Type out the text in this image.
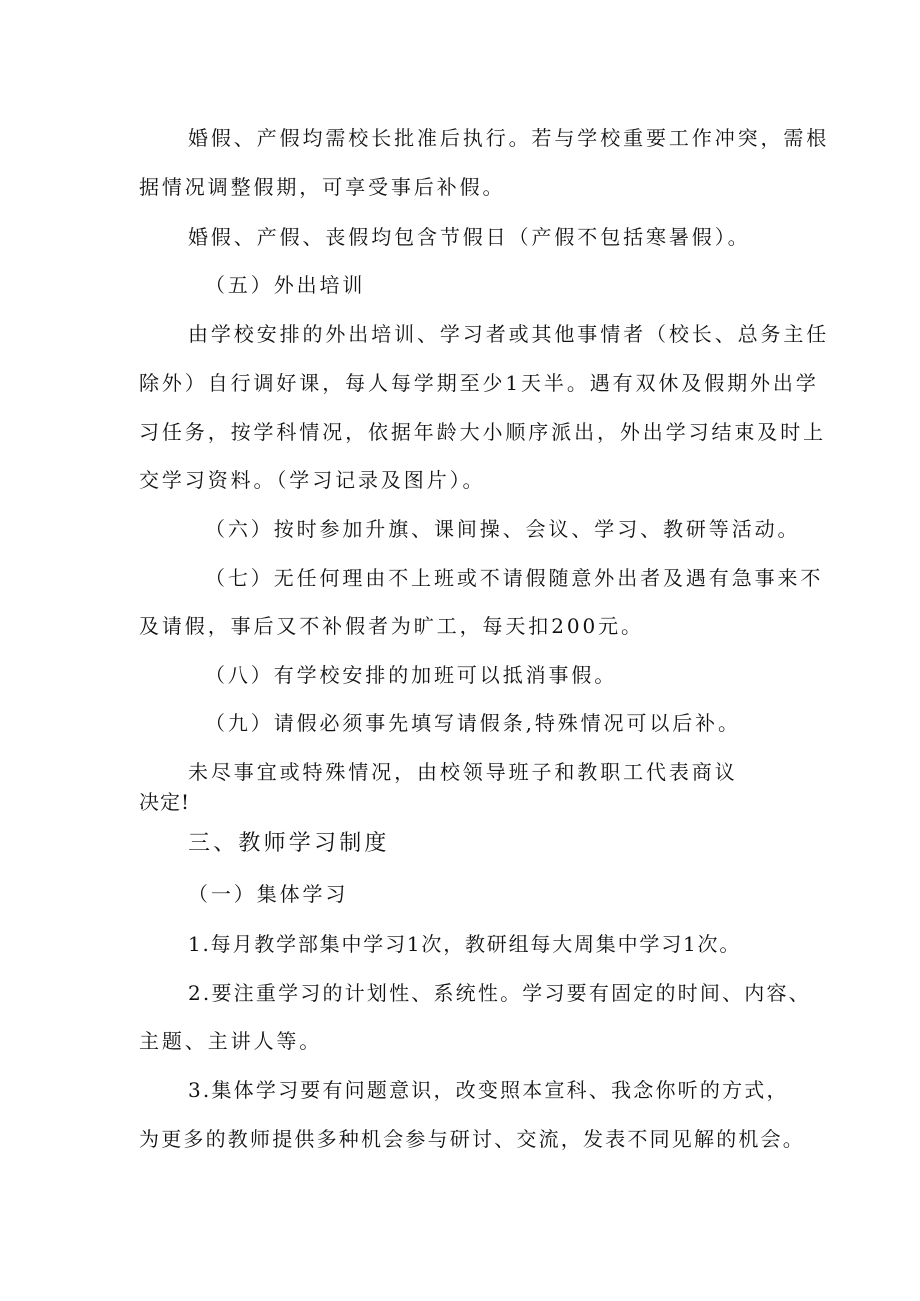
婚假、产假均需校长批准后执行。若与学校重要工作冲突，需根
据情况调整假期，可享受事后补假。
婚假、产假、丧假均包含节假日（产假不包括寒暑假）。
（五）外出培训
由学校安排的外出培训、学习者或其他事情者（校长、总务主任
除外）自行调好课，每人每学期至少1天半。遇有双休及假期外出学
习任务，按学科情况，依据年龄大小顺序派出，外出学习结束及时上
交学习资料。（学习记录及图片）。
（六）按时参加升旗、课间操、会议、学习、教研等活动。
（七）无任何理由不上班或不请假随意外出者及遇有急事来不
及请假，事后又不补假者为旷工，每天扣200元。
（八）有学校安排的加班可以抵消事假。
（九）请假必须事先填写请假条,特殊情况可以后补。
未尽事宜或特殊情况，由校领导班子和教职工代表商议
决定!
三、教师学习制度
（一）集体学习
1.每月教学部集中学习1次，教研组每大周集中学习1次。
2.要注重学习的计划性、系统性。学习要有固定的时间、内容、
主题、主讲人等。
3.集体学习要有问题意识，改变照本宣科、我念你听的方式，
为更多的教师提供多种机会参与研讨、交流，发表不同见解的机会。
